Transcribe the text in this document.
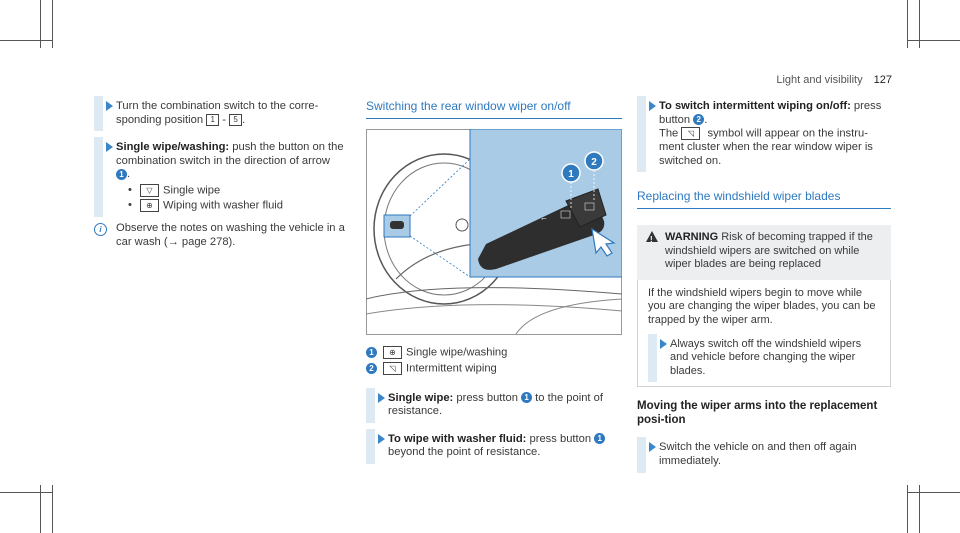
Light and visibility 127
Turn the combination switch to the corre-sponding position 1 - 5 .
Single wipe/washing: push the button on the combination switch in the direction of arrow
1 .
• ▽ Single wipe
• ⊕ Wiping with washer fluid
i	Observe the notes on washing the vehicle in a car wash (→ page 278).
Switching the rear window wiper on/off
⌐
1
2
1 ⊕ Single wipe/washing
2 ◹ Intermittent wiping
Single wipe: press button 1 to the point of resistance.
To wipe with washer fluid: press button 1 beyond the point of resistance.
To switch intermittent wiping on/off: press button 2 .
The ◹ symbol will appear on the instru-ment cluster when the rear window wiper is switched on.
Replacing the windshield wiper blades
! WARNING Risk of becoming trapped if the windshield wipers are switched on while wiper blades are being replaced
If the windshield wipers begin to move while you are changing the wiper blades, you can be trapped by the wiper arm.
Always switch off the windshield wipers and vehicle before changing the wiper blades.
Moving the wiper arms into the replacement posi-tion
Switch the vehicle on and then off again immediately.
